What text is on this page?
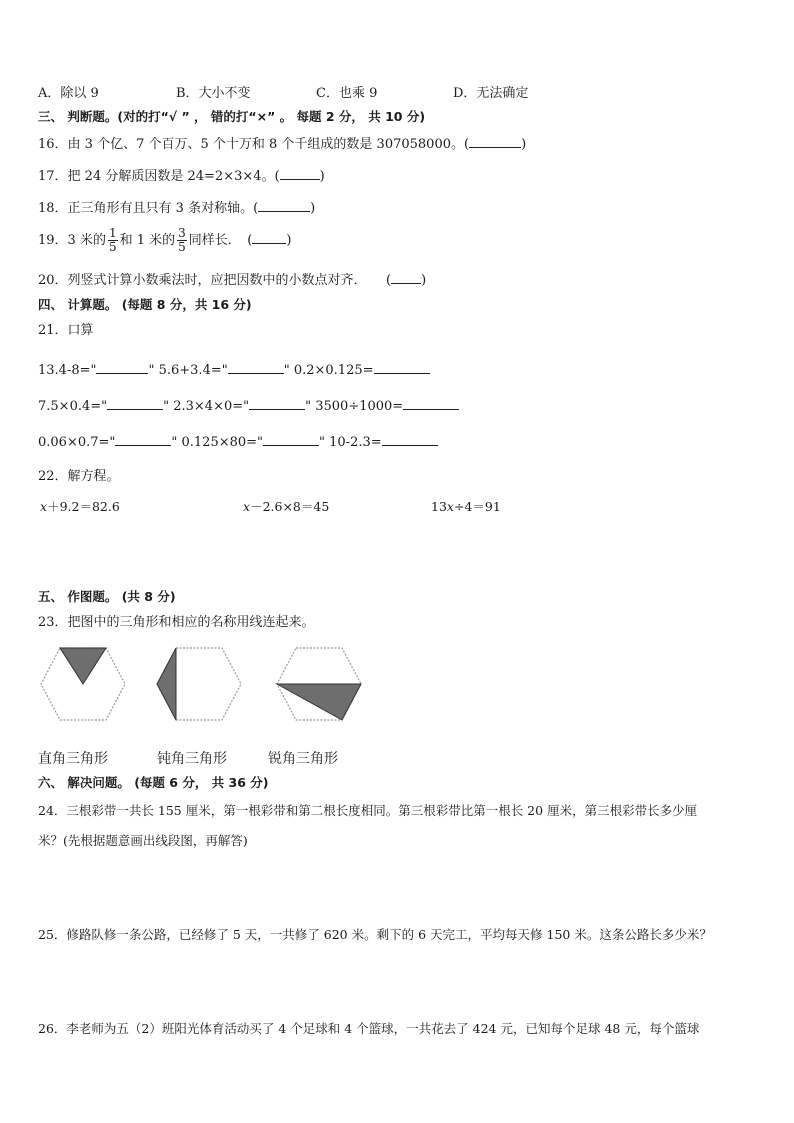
A．除以 9	B．大小不变	C．也乘 9	D．无法确定
三、 判断题。(对的打“√ ” ， 错的打“×” 。 每题 2 分， 共 10 分)
16．由 3 个亿、7 个百万、5 个十万和 8 个千组成的数是 307058000。(	)
17．把 24 分解质因数是 24=2×3×4。(	)
18．正三角形有且只有 3 条对称轴。(	)
19．3 米的 $\frac{1}{5}$ 和 1 米的 $\frac{3}{5}$ 同样长．　(	)
20．列竖式计算小数乘法时，应把因数中的小数点对齐．　　( )
四、 计算题。 (每题 8 分，共 16 分)
21．口算
13.4-8="	" 5.6+3.4="	" 0.2×0.125=
7.5×0.4="	" 2.3×4×0="	" 3500÷1000=
0.06×0.7="	" 0.125×80="	" 10-2.3=
22．解方程。
x＋9.2＝82.6	x－2.6×8＝45	13x÷4＝91
五、 作图题。 (共 8 分)
23．把图中的三角形和相应的名称用线连起来。
直角三角形	钝角三角形	锐角三角形
六、 解决问题。 (每题 6 分， 共 36 分)
24．三根彩带一共长 155 厘米，第一根彩带和第二根长度相同。第三根彩带比第一根长 20 厘米，第三根彩带长多少厘
米？(先根据题意画出线段图，再解答)
25．修路队修一条公路，已经修了 5 天，一共修了 620 米。剩下的 6 天完工，平均每天修 150 米。这条公路长多少米？
26．李老师为五（2）班阳光体育活动买了 4 个足球和 4 个篮球，一共花去了 424 元，已知每个足球 48 元，每个篮球
